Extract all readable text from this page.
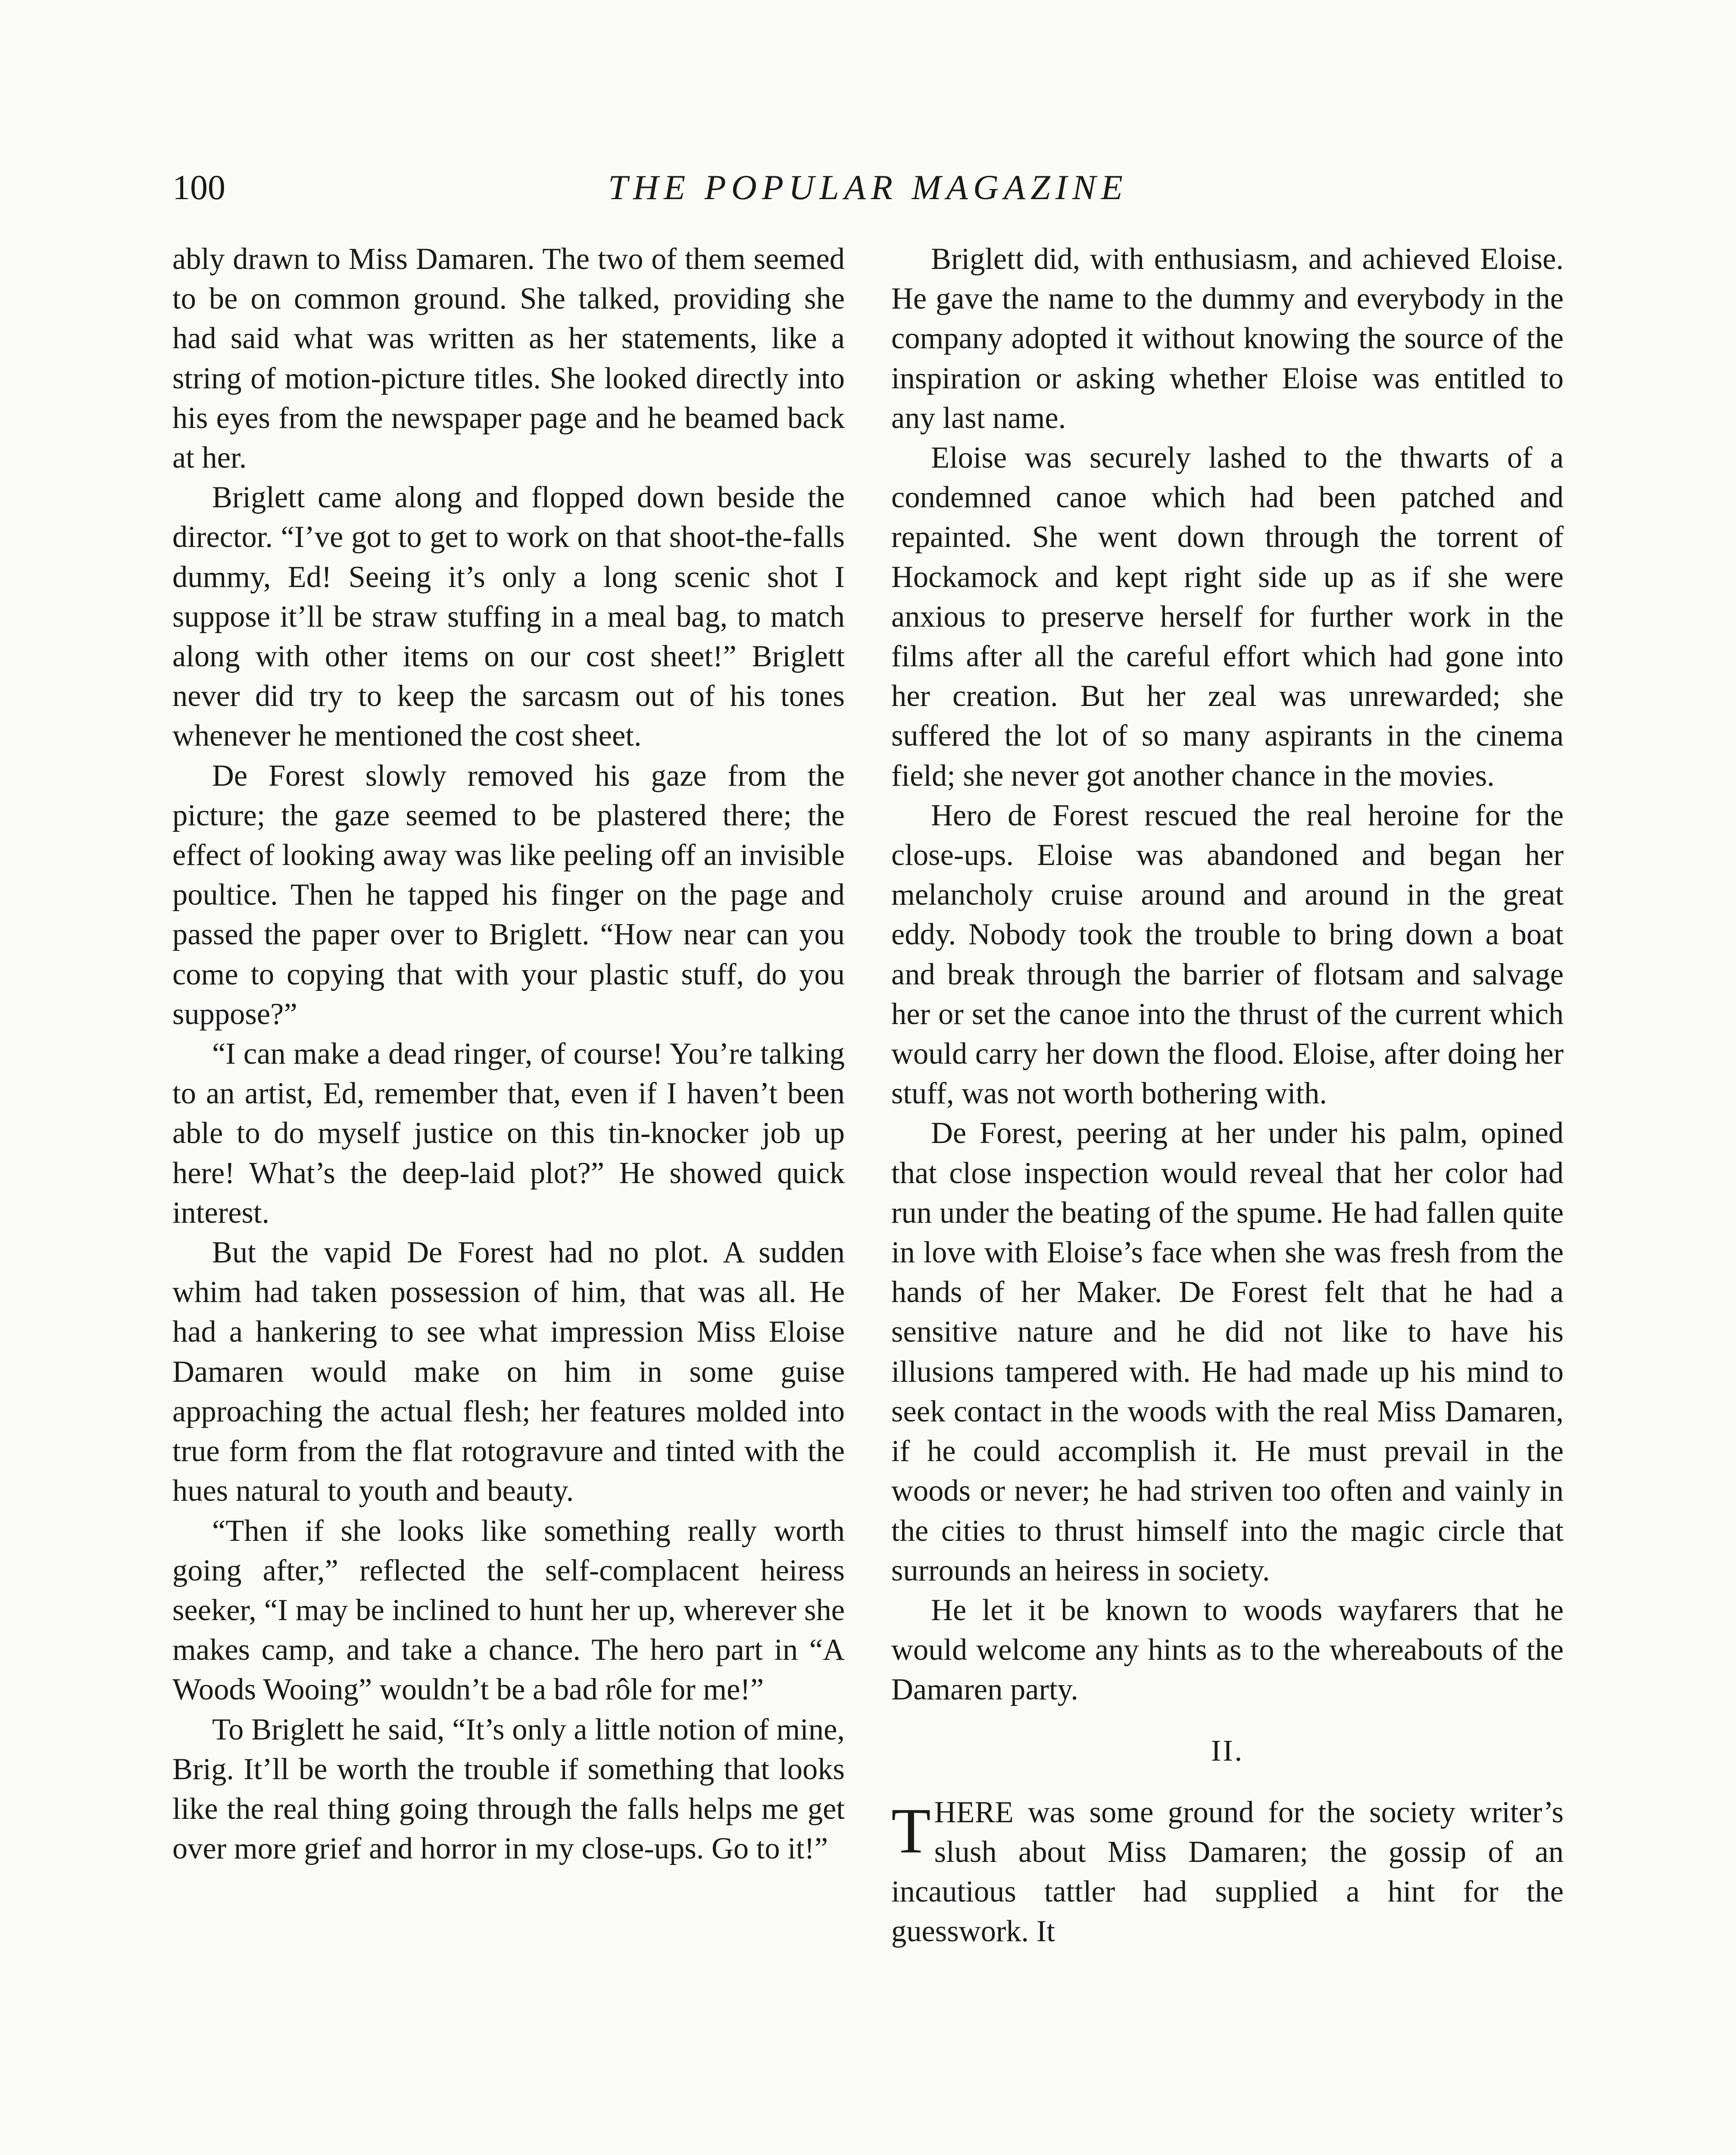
100	THE POPULAR MAGAZINE

ably drawn to Miss Damaren. The two of them seemed to be on common ground. She talked, providing she had said what was written as her statements, like a string of motion-picture titles. She looked directly into his eyes from the newspaper page and he beamed back at her.

Briglett came along and flopped down beside the director. “I’ve got to get to work on that shoot-the-falls dummy, Ed! Seeing it’s only a long scenic shot I suppose it’ll be straw stuffing in a meal bag, to match along with other items on our cost sheet!” Briglett never did try to keep the sarcasm out of his tones whenever he mentioned the cost sheet.

De Forest slowly removed his gaze from the picture; the gaze seemed to be plastered there; the effect of looking away was like peeling off an invisible poultice. Then he tapped his finger on the page and passed the paper over to Briglett. “How near can you come to copying that with your plastic stuff, do you suppose?”

“I can make a dead ringer, of course! You’re talking to an artist, Ed, remember that, even if I haven’t been able to do myself justice on this tin-knocker job up here! What’s the deep-laid plot?” He showed quick interest.

But the vapid De Forest had no plot. A sudden whim had taken possession of him, that was all. He had a hankering to see what impression Miss Eloise Damaren would make on him in some guise approaching the actual flesh; her features molded into true form from the flat rotogravure and tinted with the hues natural to youth and beauty.

“Then if she looks like something really worth going after,” reflected the self-complacent heiress seeker, “I may be inclined to hunt her up, wherever she makes camp, and take a chance. The hero part in “A Woods Wooing” wouldn’t be a bad rôle for me!”

To Briglett he said, “It’s only a little notion of mine, Brig. It’ll be worth the trouble if something that looks like the real thing going through the falls helps me get over more grief and horror in my close-ups. Go to it!”

Briglett did, with enthusiasm, and achieved Eloise. He gave the name to the dummy and everybody in the company adopted it without knowing the source of the inspiration or asking whether Eloise was entitled to any last name.

Eloise was securely lashed to the thwarts of a condemned canoe which had been patched and repainted. She went down through the torrent of Hockamock and kept right side up as if she were anxious to preserve herself for further work in the films after all the careful effort which had gone into her creation. But her zeal was unrewarded; she suffered the lot of so many aspirants in the cinema field; she never got another chance in the movies.

Hero de Forest rescued the real heroine for the close-ups. Eloise was abandoned and began her melancholy cruise around and around in the great eddy. Nobody took the trouble to bring down a boat and break through the barrier of flotsam and salvage her or set the canoe into the thrust of the current which would carry her down the flood. Eloise, after doing her stuff, was not worth bothering with.

De Forest, peering at her under his palm, opined that close inspection would reveal that her color had run under the beating of the spume. He had fallen quite in love with Eloise’s face when she was fresh from the hands of her Maker. De Forest felt that he had a sensitive nature and he did not like to have his illusions tampered with. He had made up his mind to seek contact in the woods with the real Miss Damaren, if he could accomplish it. He must prevail in the woods or never; he had striven too often and vainly in the cities to thrust himself into the magic circle that surrounds an heiress in society.

He let it be known to woods wayfarers that he would welcome any hints as to the whereabouts of the Damaren party.

II.

THERE was some ground for the society writer’s slush about Miss Damaren; the gossip of an incautious tattler had supplied a hint for the guesswork. It
